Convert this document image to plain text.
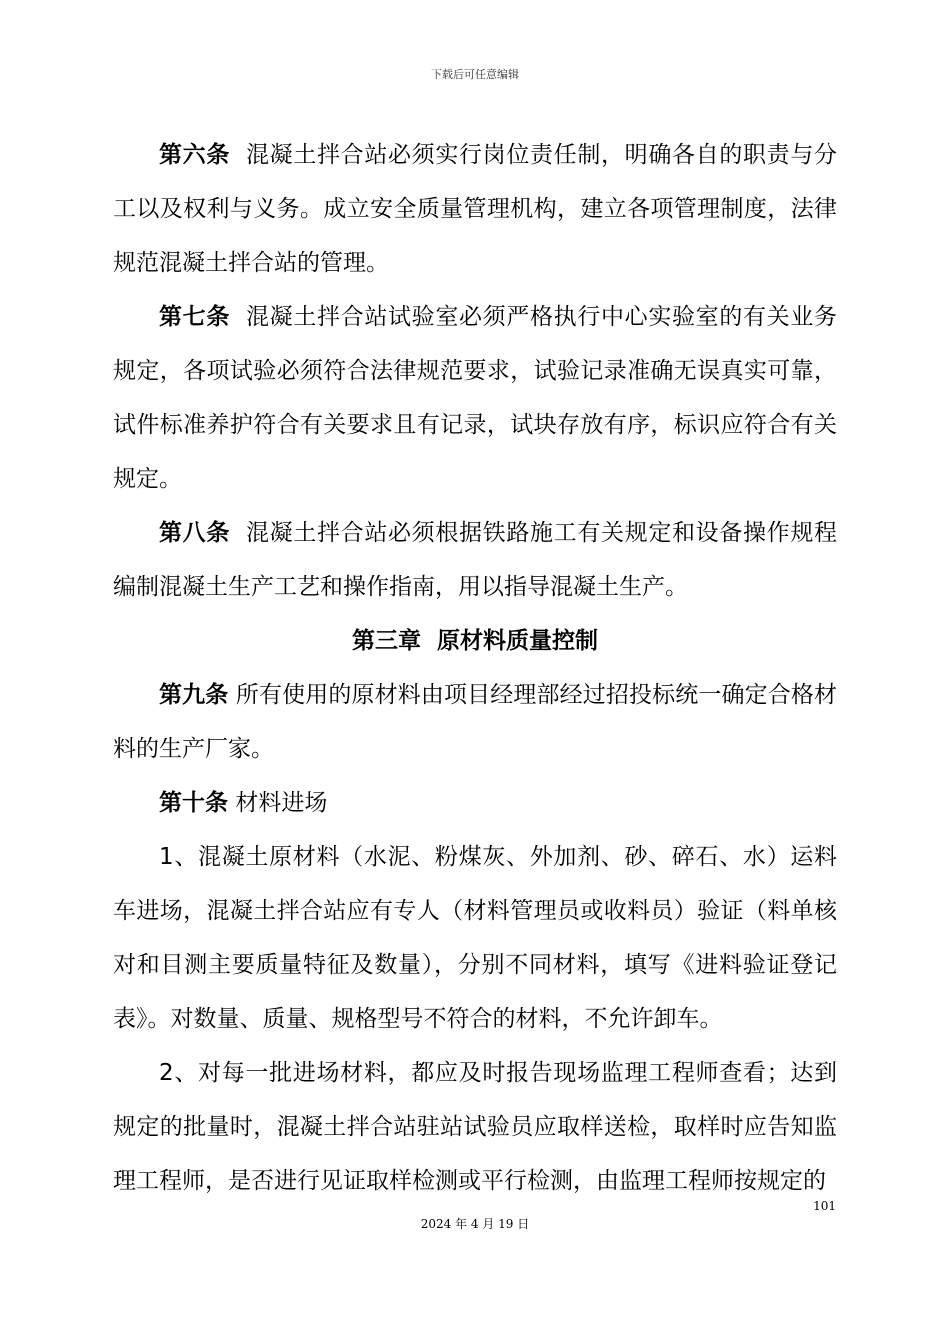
下载后可任意编辑

第六条 混凝土拌合站必须实行岗位责任制，明确各自的职责与分工以及权利与义务。成立安全质量管理机构，建立各项管理制度，法律规范混凝土拌合站的管理。

第七条 混凝土拌合站试验室必须严格执行中心实验室的有关业务规定，各项试验必须符合法律规范要求，试验记录准确无误真实可靠，试件标准养护符合有关要求且有记录，试块存放有序，标识应符合有关规定。

第八条 混凝土拌合站必须根据铁路施工有关规定和设备操作规程编制混凝土生产工艺和操作指南，用以指导混凝土生产。

第三章  原材料质量控制

第九条 所有使用的原材料由项目经理部经过招投标统一确定合格材料的生产厂家。

第十条 材料进场

1、混凝土原材料（水泥、粉煤灰、外加剂、砂、碎石、水）运料车进场，混凝土拌合站应有专人（材料管理员或收料员）验证（料单核对和目测主要质量特征及数量），分别不同材料，填写《进料验证登记表》。对数量、质量、规格型号不符合的材料，不允许卸车。

2、对每一批进场材料，都应及时报告现场监理工程师查看；达到规定的批量时，混凝土拌合站驻站试验员应取样送检，取样时应告知监理工程师，是否进行见证取样检测或平行检测，由监理工程师按规定的

101
2024 年 4 月 19 日
